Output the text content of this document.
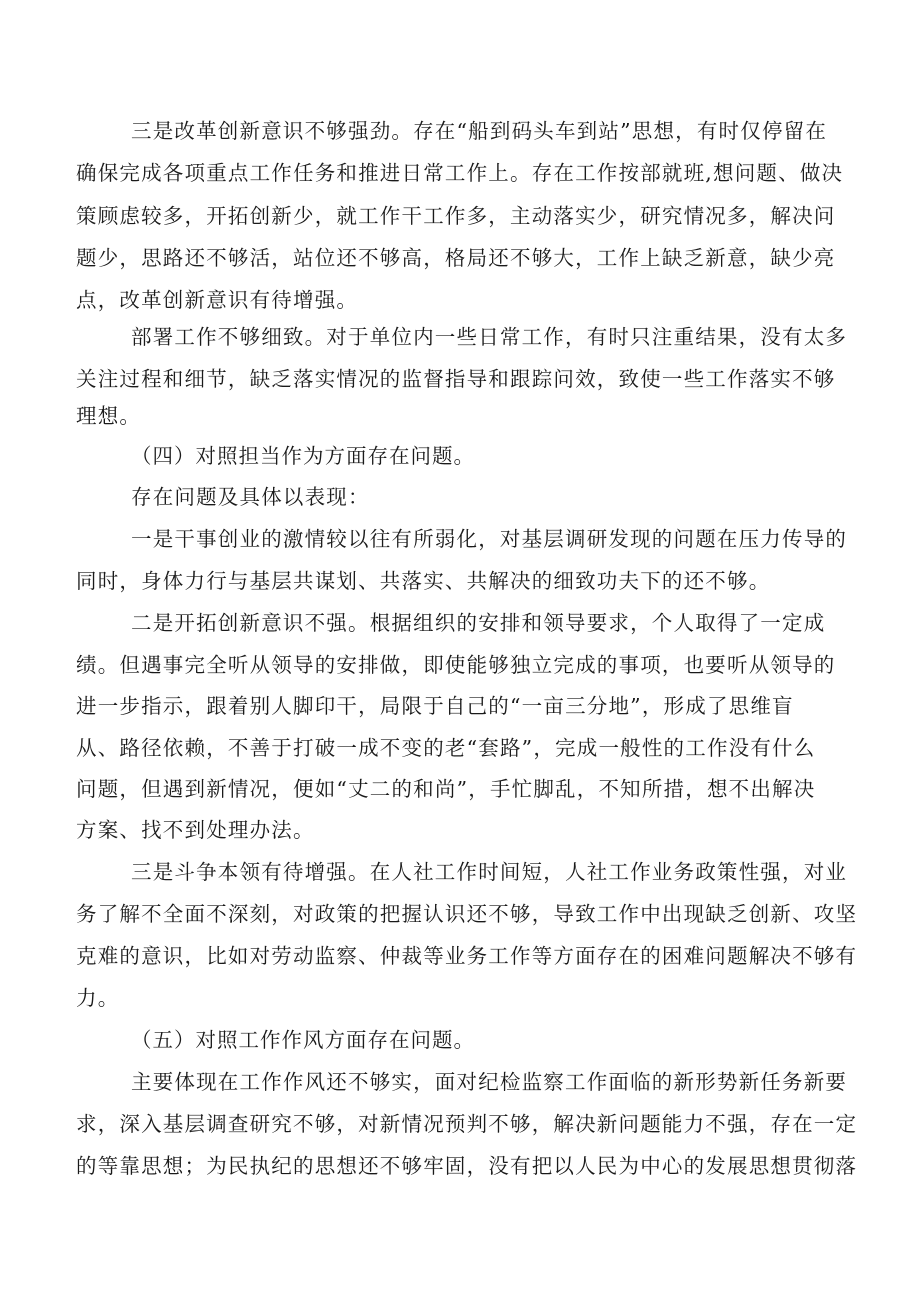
三是改革创新意识不够强劲。存在“船到码头车到站”思想，有时仅停留在
确保完成各项重点工作任务和推进日常工作上。存在工作按部就班,想问题、做决
策顾虑较多，开拓创新少，就工作干工作多，主动落实少，研究情况多，解决问
题少，思路还不够活，站位还不够高，格局还不够大，工作上缺乏新意，缺少亮
点，改革创新意识有待增强。
部署工作不够细致。对于单位内一些日常工作，有时只注重结果，没有太多
关注过程和细节，缺乏落实情况的监督指导和跟踪问效，致使一些工作落实不够
理想。
（四）对照担当作为方面存在问题。
存在问题及具体以表现：
一是干事创业的激情较以往有所弱化，对基层调研发现的问题在压力传导的
同时，身体力行与基层共谋划、共落实、共解决的细致功夫下的还不够。
二是开拓创新意识不强。根据组织的安排和领导要求，个人取得了一定成
绩。但遇事完全听从领导的安排做，即使能够独立完成的事项，也要听从领导的
进一步指示，跟着别人脚印干，局限于自己的“一亩三分地”，形成了思维盲
从、路径依赖，不善于打破一成不变的老“套路”，完成一般性的工作没有什么
问题，但遇到新情况，便如“丈二的和尚”，手忙脚乱，不知所措，想不出解决
方案、找不到处理办法。
三是斗争本领有待增强。在人社工作时间短，人社工作业务政策性强，对业
务了解不全面不深刻，对政策的把握认识还不够，导致工作中出现缺乏创新、攻坚
克难的意识，比如对劳动监察、仲裁等业务工作等方面存在的困难问题解决不够有
力。
（五）对照工作作风方面存在问题。
主要体现在工作作风还不够实，面对纪检监察工作面临的新形势新任务新要
求，深入基层调查研究不够，对新情况预判不够，解决新问题能力不强，存在一定
的等靠思想；为民执纪的思想还不够牢固，没有把以人民为中心的发展思想贯彻落
